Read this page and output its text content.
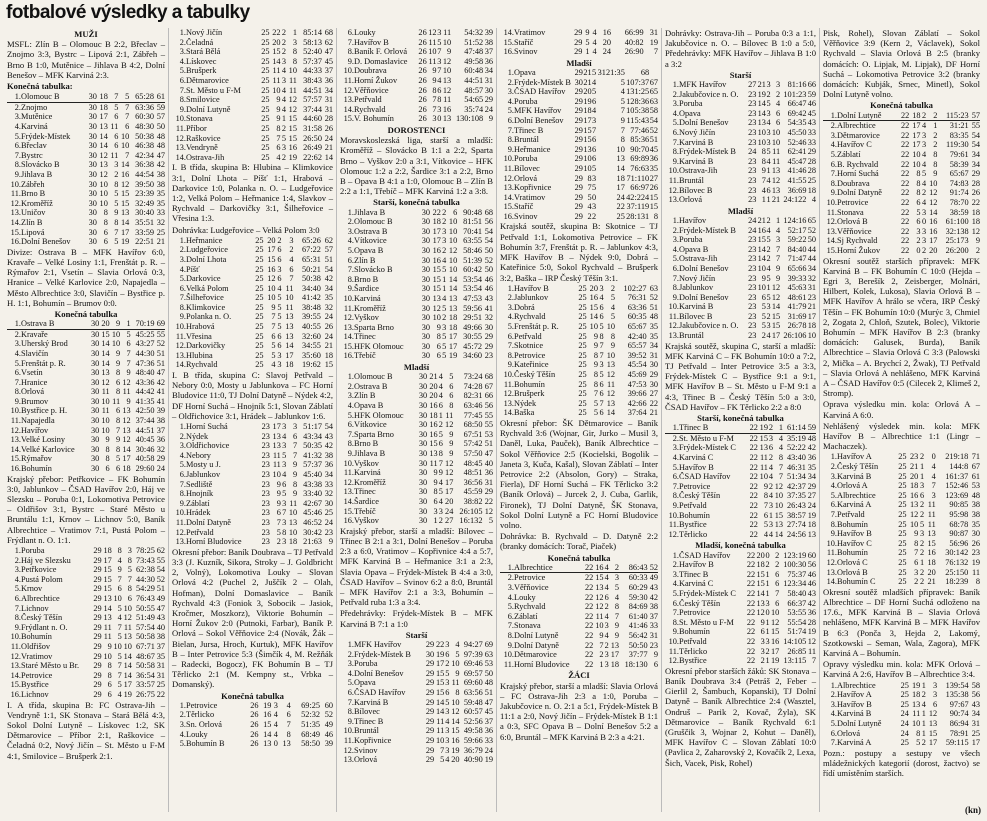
fotbalové výsledky a tabulky
MUŽI

MSFL: Zlín B – Olomouc B 2:2, Břeclav – Znojmo 3:3, Bystrc – Lipová 2:1, Zábřeh – Brno B 1:0, Mutěnice – Jihlava B 4:2, Dolní Benešov – MFK Karviná 2:3.

Konečná tabulka:
1.	Olomouc B	30	18	7	5	65:28	61
2.	Znojmo	30	18	5	7	63:36	59
3.	Mutěnice	30	17	6	7	60:30	57
4.	Karviná	30	13	11	6	48:30	50
5.	Frýdek-Místek	30	14	6	10	50:38	48
6.	Břeclav	30	14	6	10	46:38	48
7.	Bystrc	30	12	11	7	42:34	47
8.	Slovácko B	30	13	3	14	36:38	42
9.	Jihlava B	30	12	2	16	44:54	38
10.	Zábřeh	30	10	8	12	39:50	38
11.	Brno B	30	10	5	15	23:39	35
12.	Kroměříž	30	10	5	15	32:49	35
13.	Uničov	30	8	9	13	30:40	33
14.	Zlín B	30	8	8	14	35:51	32
15.	Lipová	30	6	7	17	33:59	25
16.	Dolní Benešov	30	6	5	19	22:51	21

Divize: Ostrava B – MFK Havířov 6:0, Kravaře – Velké Losiny 1:1, Frenštát p. R. – Rýmařov 2:1, Vsetín – Slavia Orlová 0:3, Hranice – Velké Karlovice 2:0, Napajedla – Město Albrechtice 3:0, Slavičín – Bystřice p. H. 1:1, Bohumín – Brumov 0:0.

Konečná tabulka
1.	Ostrava B	30	20	9	1	70:19	69
2.	Kravaře	30	15	10	5	45:25	55
3.	Uherský Brod	30	14	10	6	43:27	52
4.	Slavičín	30	14	9	7	44:30	51
5.	Frenštát p. R.	30	14	9	7	47:36	51
6.	Vsetín	30	13	8	9	48:40	47
7.	Hranice	30	12	6	12	43:36	42
8.	Orlová	30	11	8	11	44:42	41
9.	Brumov	30	10	11	9	41:35	41
10.	Bystřice p. H.	30	11	6	13	42:50	39
11.	Napajedla	30	10	8	12	37:44	38
12.	Havířov	30	10	7	13	44:51	37
13.	Velké Losiny	30	9	9	12	40:45	36
14.	Velké Karlovice	30	8	8	14	30:46	32
15.	Rýmařov	30	8	5	17	40:58	29
16.	Bohumín	30	6	6	18	29:60	24

Krajský přebor: Petřkovice – FK Bohumín 3:0, Jablunkov – ČSAD Havířov 2:0, Háj ve Slezsku – Poruba 0:1, Lokomotiva Petrovice – Oldřišov 3:1, Bystrc – Staré Město u Bruntálu 1:1, Krnov – Lichnov 5:0, Baník Albrechtice – Vratimov 7:1, Pustá Polom – Frýdlant n. O. 1:1.

1.	Poruba	29	18	8	3	78:25	62
2.	Háj ve Slezsku	29	17	4	8	73:43	55
3.	Petřkovice	29	15	9	5	62:38	54
4.	Pustá Polom	29	15	7	7	44:30	52
5.	Krnov	29	15	6	8	54:29	51
6.	Albrechtice	29	13	10	6	76:43	49
7.	Lichnov	29	14	5	10	50:55	47
8.	Český Těšín	29	13	4	12	51:49	43
9.	Frýdlant n. O.	29	11	7	11	57:54	40
10.	Bohumín	29	11	5	13	50:58	38
11.	Oldřišov	29	9	10	10	67:71	37
12.	Vratimov	29	10	5	14	48:67	35
13.	Staré Město u Br.	29	8	7	14	50:58	31
14.	Petrovice	29	8	7	14	36:54	31
15.	Bystřice	29	6	5	17	33:57	25
16.	Lichnov	29	6	4	19	26:75	22

I. A třída, skupina B: FC Ostrava-Jih – Vendryně 1:1, SK Stonava – Stará Bělá 4:3, Sokol Dolní Lutyně – Lískovec 1:2, SK Dětmarovice – Příbor 2:1, Raškovice – Čeladná 0:2, Nový Jičín – St. Město u F-M 4:1, Smilovice – Brušperk 2:1.

1.	Nový Jičín	25	22	2	1	85:14	68
2.	Čeladná	25	20	2	3	58:13	62
3.	Stará Bělá	25	15	2	8	52:40	47
4.	Lískovec	25	14	3	8	57:37	45
5.	Brušperk	25	11	4	10	44:33	37
6.	Dětmarovice	25	11	3	11	38:43	36
7.	St. Město u F-M	25	10	4	11	44:51	34
8.	Smilovice	25	9	4	12	57:57	31
9.	Dolní Lutyně	25	9	4	12	37:44	31
10.	Stonava	25	9	1	15	44:60	28
11.	Příbor	25	8	2	15	31:58	26
12.	Raškovice	25	7	5	15	26:50	24
13.	Vendryně	25	6	3	16	26:49	21
14.	Ostrava-Jih	25	4	2	19	22:62	14

I. B třída, skupina B: Hlubina – Klimkovice 3:1, Dolní Lhota – Píšť 1:1, Hrabová – Darkovice 1:0, Polanka n. O. – Ludgeřovice 1:2, Velká Polom – Heřmanice 1:4, Slavkov – Rychvald – Darkovičky 3:1, Šilheřovice – Vřesina 1:3.

Dohrávka: Ludgeřovice – Velká Polom 3:0

1.	Heřmanice	25	20	2	3	65:26	62
2.	Ludgeřovice	25	17	6	2	67:22	57
3.	Dolní Lhota	25	15	6	4	65:31	51
4.	Píšť	25	16	3	6	50:21	54
5.	Darkovice	25	12	6	7	50:38	42
6.	Velká Polom	25	10	4	11	34:40	34
7.	Šilheřovice	25	10	5	10	41:42	35
8.	Klimkovice	25	9	5	11	38:48	32
9.	Polanka n. O.	25	7	5	13	39:55	24
10.	Hrabová	25	7	5	13	40:55	26
11.	Vřesina	25	6	6	13	32:60	24
12.	Darkovičky	25	5	6	14	34:55	21
13.	Hlubina	25	5	3	17	35:60	18
14.	Rychvald	25	4	3	18	19:62	15

I. B třída, skupina C: Slavoj Petřvald – Nebory 0:0, Mosty u Jablunkova – FC Horní Bludovice 11:0, TJ Dolní Datyně – Nýdek 4:2, DF Horní Suchá – Hnojník 5:1, Slovan Záblatí – Oldřichovice 3:1, Hrádek – Jablunkov 1:6.

1.	Horní Suchá	23	17	3	3	51:17	54
2.	Nýdek	23	13	4	6	43:34	43
3.	Oldřichovice	23	13	3	7	50:35	42
4.	Nebory	23	11	5	7	41:32	38
5.	Mosty u J.	23	11	3	9	57:37	36
6.	Jablunkov	23	10	4	9	45:40	34
7.	Sedliště	23	9	6	8	43:38	33
8.	Hnojník	23	9	5	9	33:40	32
9.	Záblatí	23	9	3	11	42:67	30
10.	Hrádek	23	6	7	10	45:46	25
11.	Dolní Datyně	23	7	3	13	46:52	24
12.	Petřvald	23	5	8	10	30:42	23
13.	Horní Bludovice	23	2	3	18	21:63	9

Okresní přebor: Baník Doubrava – TJ Petřvald 3:3 (J. Kuzník, Sikora, Stroky – J. Goldbricht 2, Volný), Lokomotiva Louky – Slovan Orlová 4:2 (Puchel 2, Juščík 2 – Olah, Hofman), Dolní Domaslavice – Baník Rychvald 4:3 (Foniok 3, Sobocik – Jasiok, Kročmer, Moszkorz), Viktorie Bohumín – Horní Žukov 2:0 (Putnoki, Farbar), Baník P. Orlová – Sokol Věřňovice 2:4 (Novák, Žák – Bielan, Jursa, Hroch, Kurtuk), MFK Havířov B – Inter Petrovice 5:3 (Šimčík 4, M. Režňák – Radecki, Bogocz), FK Bohumín B – TJ Těrlicko 2:1 (M. Kempny st., Vrbka – Domanský).

Konečná tabulka
1.	Petrovice	26	19	3	4	69:25	60
2.	Těrlicko	26	16	4	6	52:32	52
3.	Sn. Orlová	26	15	4	7	51:35	49
4.	Louky	26	14	4	8	68:49	46
5.	Bohumín B	26	13	0	13	58:50	39
6.	Louky	26	12	3	11	54:32	39
7.	Havířov B	26	11	5	10	51:52	38
8.	Baník F. Orlová	26	10	7	9	47:48	37
9.	D. Domaslavice	26	11	3	12	49:58	36
10.	Doubrava	26	9	7	10	60:48	34
11.	Horní Žukov	26	9	4	13	44:51	31
12.	Věřňovice	26	8	6	12	48:57	30
13.	Petřvald	26	7	8	11	54:65	29
14.	Rychvald	26	7	3	16	35:74	24
15.	V. Bohumín	26	3	0	13	130:108	9
DOROSTENCI

Moravskoslezská liga, starší a mladší: Kroměříž – Slovácko B 1:1 a 2:2, Sparta Brno – Vyškov 2:0 a 3:1, Vítkovice – HFK Olomouc 1:2 a 2:2, Šardice 3:1 a 2:2, Brno B – Opava B 4:1 a 1:0, Olomouc B – Zlín B 2:2 a 1:1, Třebíč – MFK Karviná 1:2 a 3:8.

Starší, konečná tabulka
1.	Jihlava B	30	22	2	6	90:48	68
2.	Olomouc B	30	18	2	10	81:51	56
3.	Ostrava B	30	17	3	10	70:41	54
4.	Vítkovice	30	17	3	10	63:55	54
5.	Opava B	30	16	2	12	58:46	50
6.	Zlín B	30	16	4	10	51:39	52
7.	Slovácko B	30	15	5	10	60:42	50
8.	Brno B	30	15	1	14	53:54	46
9.	Šardice	30	15	1	14	53:54	46
10.	Karviná	30	13	4	13	47:53	43
11.	Kroměříž	30	12	5	13	59:56	41
12.	Vyškov	30	10	2	18	29:51	32
13.	Sparta Brno	30	9	3	18	49:66	30
14.	Třinec	30	8	5	17	30:55	29
15.	HFK Olomouc	30	6	5	17	45:72	29
16.	Třebíč	30	6	5	19	34:60	23
Mladší
1.	Olomouc B	30	21	4	5	73:24	68
2.	Ostrava B	30	20	4	6	74:28	67
3.	Zlín B	30	20	4	6	82:31	66
4.	Opava B	30	16	6	8	63:46	56
5.	HFK Olomouc	30	18	1	11	77:45	55
6.	Vítkovice	30	16	2	12	68:50	55
7.	Sparta Brno	30	16	5	9	67:51	53
8.	Brno B	30	15	6	9	57:42	51
9.	Jihlava B	30	13	8	9	57:50	47
10.	Vyškov	30	11	7	12	48:45	40
11.	Karviná	30	9	9	12	48:51	36
12.	Kroměříž	30	9	4	17	36:56	31
13.	Třinec	30	8	5	17	45:59	29
14.	Šardice	30	6	4	20	38:82	22
15.	Třebíč	30	3	3	24	26:105	12
16.	Vyškov	30	1	2	27	16:132	5

Krajský přebor, starší a mladší: Bílovec – Třinec B 2:1 a 3:1, Dolní Benešov – Poruba 2:3 a 6:0, Vratimov – Kopřivnice 4:4 a 5:7, MFK Karviná B – Heřmanice 3:1 a 2:3, Slavia Opava – Frýdek-Místek B 4:4 a 3:0, ČSAD Havířov – Svinov 6:2 a 8:0, Bruntál – MFK Havířov 2:1 a 3:3, Bohumín – Petřvald ruba 1:3 a 3:4.

Předehrávky: Frýdek-Místek B – MFK Karviná B 7:1 a 1:0

Starší
1.	MFK Havířov	29	22	3	4	94:27	69
2.	Frýdek-Místek B	30	19	6	5	97:39	63
3.	Poruba	29	17	2	10	69:46	53
4.	Dolní Benešov	29	15	5	9	69:57	50
5.	Opava	29	15	3	11	69:60	48
6.	ČSAD Havířov	29	15	6	8	63:56	51
7.	Karviná B	29	14	5	10	59:48	47
8.	Bílovec	29	14	3	12	60:57	45
9.	Třinec B	29	11	4	14	52:56	37
10.	Bruntál	29	11	3	15	49:58	36
11.	Kopřivnice	29	10	3	16	59:66	33
12.	Svinov	29	7	3	19	36:79	24
13.	Orlová	29	5	4	20	40:90	19
14.	Vratimov	29	9	4	16	66:99	31
15.	Staříč	29	5	4	20	40:82	19
16.	Svinov	29	1	4	24	26:90	7
Mladší
1.	Opava	29	21	5	3121:35	68	
2.	Frýdek-Místek B	30	21	4	5	107:37	67
3.	ČSAD Havířov	29	20	5	4	131:25	65
4.	Poruba	29	19	6	5	128:36	63
5.	MFK Havířov	29	18	4	7	105:38	58
6.	Dolní Benešov	29	17	3	9	115:43	54
7.	Třinec B	29	15	7	7	77:46	52
8.	Bruntál	29	15	6	8	85:36	51
9.	Heřmanice	29	13	6	10	90:70	45
10.	Poruba	29	10	6	13	69:89	36
11.	Bílovec	29	10	5	14	76:63	35
12.	Orlová	29	8	3	18	71:110	27
13.	Kopřivnice	29	7	5	17	66:97	26
14.	Vratimov	29	5	0	24	42:224	15
15.	Staříč	29	4	3	22	37:119	15
16.	Svinov	29	2	2	25	28:131	8

Krajská soutěž, skupina B: Skotnice – TJ Petřvald 1:1, Lokomotiva Petrovice – FK Bohumín 3:7, Frenštát p. R. – Jablunkov 4:3, MFK Havířov B – Nýdek 9:0, Dobrá – Kateřinice 5:0, Sokol Rychvald – Brušperk 3:2, Baška – IRP Český Těšín 3:1.

1.	Havířov B	25	20	3	2	102:27	63
2.	Jablunkov	25	16	4	5	76:31	52
3.	Dobrá	25	15	6	4	63:36	51
4.	Rychvald	25	14	6	5	60:35	48
5.	Frenštát p. R.	25	10	5	10	65:67	35
6.	Petřvald	25	9	8	8	42:40	35
7.	Skotnice	25	9	7	9	65:57	34
8.	Petrovice	25	8	7	10	39:52	31
9.	Kateřinice	25	9	3	13	45:54	30
10.	Český Těšín	25	8	5	12	45:69	29
11.	Bohumín	25	8	6	11	47:53	30
12.	Brušperk	25	7	6	12	39:66	27
13.	Nýdek	25	5	7	13	42:66	22
14.	Baška	25	5	6	14	37:64	21

Okresní přebor: ŠK Dětmarovice – Baník Rychvald 3:6 (Wojnar, Gir, Jurko – Musil 3, Daněl, Luka, Pauček), Baník Albrechtice – Sokol Věřňovice 2:5 (Kocielski, Bogolik – Janeta 3, Kuča, Kašal), Slovan Záblatí – Inter Petrovice 2:2 (Absolon, Gory) – Straka, Fierla), DF Horní Suchá – FK Těrlicko 3:2 (Baník Orlová) – Jurcek 2, J. Cuba, Garlik, Fironek), TJ Dolní Datyně, ŠK Stonava, Sokol Dolní Lutyně a FC Horní Bludovice volno.

Dohrávka: B. Rychvald – D. Datyně 2:2 (branky domácích: Torač, Piaček)

Konečná tabulka
1.	Albrechtice	22	16	4	2	86:43	52
2.	Petrovice	22	15	4	3	60:33	49
3.	Věřňovice	22	13	4	5	60:29	43
4.	Louky	22	12	6	4	59:30	42
5.	Rychvald	22	12	2	8	84:69	38
6.	Záblatí	22	11	4	7	61:40	37
7.	Stonava	22	10	3	9	41:46	33
8.	Dolní Lutyně	22	9	4	9	56:42	31
9.	Dolní Datyně	22	7	2	13	50:50	23
10.	Dětmarovice	22	2	3	17	37:77	9
11.	Horní Bludovice	22	1	3	18	18:130	6
ŽÁCI

Krajský přebor, starší a mladší: Slavia Orlová – FC Ostrava-Jih 2:3 a 1:0, Poruba – Jakubčovice n. O. 2:1 a 5:1, Frýdek-Místek B 11:1 a 2:0, Nový Jičín – Frýdek-Místek B 1:1 a 0:3, SFC Opava B – Dolní Benešov 5:2 a 6:0, Bruntál – MFK Karviná B 2:3 a 4:21.

Dohrávky: Ostrava-Jih – Poruba 0:3 a 1:1, Jakubčovice n. O. – Bílovec B 1:0 a 5:0, Předehrávky: MFK Havířov – Jihlava B 1:0 a 3:2

Starší
1.	MFK Havířov	27	21	3	3	81:16	66
2.	Jakubčovice n. O.	23	19	2	2	101:23	59
3.	Poruba	23	14	5	4	66:47	46
4.	Opava	23	14	3	6	69:42	45
5.	Dolní Benešov	23	13	4	6	54:35	43
6.	Nový Jičín	23	10	3	10	45:50	33
7.	Karviná B	23	10	3	10	52:46	33
8.	Frýdek-Místek B	24	8	5	11	62:41	29
9.	Karviná B	23	8	4	11	45:47	28
10.	Ostrava-Jih	23	9	1	13	41:46	28
11.	Bruntál	23	7	4	12	41:55	25
12.	Bílovec B	23	4	6	13	36:69	18
13.	Orlová	23	1	1	21	24:122	4
Mladší
1.	Havířov	24	21	2	1	124:16	65
2.	Frýdek-Místek B	24	16	4	4	52:17	52
3.	Poruba	23	15	5	3	59:22	50
4.	Opava B	23	14	2	7	84:40	44
5.	Ostrava-Jih	23	14	2	7	71:47	44
6.	Dolní Benešov	23	10	4	9	65:66	34
7.	Nový Jičín	23	9	5	9	39:33	32
8.	Jablunkov	23	10	1	12	45:63	31
9.	Dolní Benešov	23	6	5	12	48:61	23
10.	Karviná B	23	5	3	14	41:79	21
11.	Bílovec B	23	5	2	15	31:69	17
12.	Jakubčovice n. O.	23	5	3	15	26:78	18
13.	Bruntál	23	2	4	17	26:106	10

Krajská soutěž, skupina C, starší a mladší: MFK Karviná C – FK Bohumín 10:0 a 7:2, TJ Petřvald – Inter Petrovice 3:5 a 3:3, Frýdek-Místek C – Bystřice 9:1 a 9:1, MFK Havířov B – St. Město u F-M 9:1 a 4:3, Třinec B – Český Těšín 5:0 a 3:0, ČSAD Havířov – FK Těrlicko 2:2 a 8:0

Starší, konečná tabulka
1.	Třinec B	22	19	2	1	61:14	59
2.	St. Město u F-M	22	15	3	4	35:19	48
3.	Frýdek-Místek C	22	13	6	4	52:22	42
4.	Karviná C	22	11	2	8	43:40	36
5.	Havířov B	22	11	4	7	46:31	35
6.	ČSAD Havířov	22	10	4	7	51:34	34
7.	Petrovice	22	9	2	12	42:37	29
8.	Český Těšín	22	8	4	10	37:35	27
9.	Petřvald	22	7	3	10	26:43	24
10.	Bohumín	22	6	1	15	38:57	19
11.	Bystřice	22	5	3	13	27:74	18
12.	Těrlicko	22	4	4	14	24:56	13
Mladší, konečná tabulka
1.	ČSAD Havířov	22	20	0	2	123:19	60
2.	Havířov B	22	18	2	2	100:30	56
3.	Třinec B	22	15	1	6	75:37	46
4.	Karviná C	22	15	1	6	123:34	46
5.	Frýdek-Místek C	22	14	1	7	58:40	43
6.	Český Těšín	22	13	3	6	66:37	42
7.	Petrovice	22	12	0	10	53:55	36
8.	St. Město u F-M	22	9	1	12	55:54	28
9.	Bohumín	22	6	1	15	51:74	19
10.	Petřvald	22	3	3	16	14:105	12
11.	Těrlicko	22	3	2	17	26:85	11
12.	Bystřice	22	2	1	19	13:115	7

Okresní přebor starších žáků: SK Stonava – Baník Doubrava 3:4 (Petráš 2, Feber – Gierlil 2, Šambuch, Kopanski), TJ Dolní Datyně – Baník Albrechtice 2:4 (Wasztel, Ondruš – Parik 2, Kovač, Żyla), SK Dětmarovice – Baník Rychvald 6:1 (Gruščik 3, Wojnar 2, Kohut – Daněl), MFK Havířov C – Slovan Záblatí 10:0 (Pavlica 2, Zaharovský 2, Kovačík 2, Lexa, Šich, Vacek, Pisk, Rohel)

Pisk, Rohel), Slovan Záblatí – Sokol Věřňovice 3:9 (Kern 2, Václavek), Sokol Rychvald – Slavia Orlová B 2:5 (branky domácích: O. Lipjak, M. Lipjak), DF Horní Suchá – Lokomotiva Petrovice 3:2 (branky domácích: Kubják, Srnec, Minetl), Sokol Dolní Lutyně volno.

Konečná tabulka
1.	Dolní Lutyně	22	18	2	2	115:23	57
2.	Albrechtice	22	17	4	1	31:21	55
3.	Dětmarovice	22	17	3	2	83:35	54
4.	Havířov C	22	17	3	2	119:30	54
5.	Záblatí	22	10	4	8	79:61	34
6.	B. Rychvald	22	10	4	8	58:39	34
7.	Horní Suchá	22	8	5	9	65:67	29
8.	Doubrava	22	8	4	10	74:83	28
9.	Dolní Datyně	22	8	2	12	91:74	26
10.	Petrovice	22	6	4	12	78:70	22
11.	Stonava	22	5	3	14	38:59	18
12.	Orlová B	22	6	0	16	61:100	18
13.	Věřňovice	22	3	3	16	32:138	12
14.	Sj Rychvald	22	2	3	17	25:173	9
15.	Horní Žukov	22	0	2	20	26:200	2

Okresní soutěž starších přípravek: MFK Karviná B – FK Bohumín C 10:0 (Hejda – Egri 3, Berešík 2, Zeisberger, Molnári, Hilbert, Kolek, Lukosa), Slavia Orlová B – MFK Havířov A hrálo se včera, IRP Český Těšín – FK Bohumín 10:0 (Murýc 3, Chmiel 2, Zogata 2, Chloň, Szutek, Bolec), Viktorie Bohumín – MFK Havířov B 2:3 (branky domácích: Galusek, Burda), Baník Albrechtice – Slavia Orlová C 3:3 (Palowski 2, Mička – A. Brychcí 2, Žwak), TJ Petřvald – Slavia Orlová A nehlášeno, MFK Karviná A – ČSAD Havířov 0:5 (Cilecek 2, Klimeš 2, Stromp).

Oprava výsledku min. kola: Orlová A – Karviná A 6:0.

Nehlášený výsledek min. kola: MFK Havířov B – Albrechtice 1:1 (Lingr – Machaczek).

1.	Havířov A	25	23	2	0	219:18	71
2.	Český Těšín	25	21	1	4	144:8	67
3.	Karviná B	25	20	1	4	161:37	61
4.	Orlová A	25	18	3	7	152:46	53
5.	Albrechtice	25	16	6	3	123:69	48
6.	Karviná A	25	13	2	11	90:85	38
7.	Petřvald	25	12	2	11	95:98	38
8.	Bohumín	25	10	5	11	68:78	35
9.	Havířov B	25	9	3	13	90:87	30
10.	Havířov C	25	8	2	15	56:96	26
11.	Bohumín	25	7	2	16	30:142	23
12.	Orlová C	25	6	1	18	76:132	19
13.	Orlová B	25	3	2	20	25:150	11
14.	Bohumín C	25	2	2	21	18:239	8

Okresní soutěž mladších přípravek: Baník Albrechtice – DF Horní Suchá odloženo na 17.6., MFK Karviná B – Slavia Orlová nehlášeno, MFK Karviná B – MFK Havířov B 6:3 (Ponča 3, Hejda 2, Lakomý, Szotkowski – Seman, Wala, Zagora), MFK Karviná A – Bohumín.

Opravy výsledku min. kola: MFK Orlová – Karviná A 2:6, Havířov B – Albrechtice 3:4.

1.	Albrechtice	25	19	1	3	139:54	58
2.	Havířov A	25	18	2	3	135:38	56
3.	Havířov B	25	13	4	6	97:67	43
4.	Karviná B	24	11	1	12	90:74	34
5.	Dolní Lutyně	24	10	1	13	86:94	31
6.	Orlová	24	8	1	15	78:91	25
7.	Karviná A	25	5	2	17	59:115	17

Pozn.: postupy a sestupy ve všech mládežnických kategorií (dorost, žactvo) se řídí umístěním starších.

(kn)
